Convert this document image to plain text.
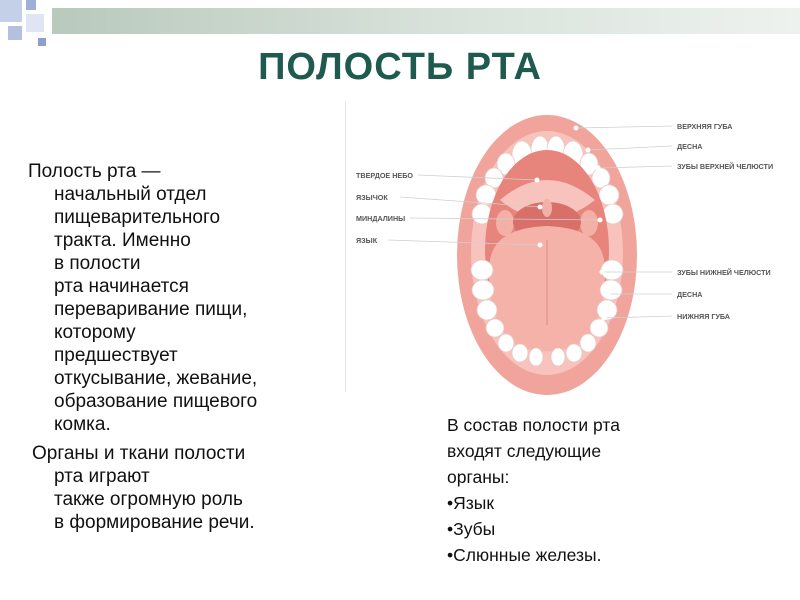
ПОЛОСТЬ РТА

Полость рта —
начальный отдел
пищеварительного
тракта. Именно
в полости
рта начинается
переваривание пищи,
которому
предшествует
откусывание, жевание,
образование пищевого
комка.

Органы и ткани полости
рта играют
также огромную роль
в формирование речи.

ТВЕРДОЕ НЕБО
ЯЗЫЧОК
МИНДАЛИНЫ
ЯЗЫК
ВЕРХНЯЯ ГУБА
ДЕСНА
ЗУБЫ ВЕРХНЕЙ ЧЕЛЮСТИ
ЗУБЫ НИЖНЕЙ ЧЕЛЮСТИ
ДЕСНА
НИЖНЯЯ ГУБА

В состав полости рта
входят следующие
органы:

• Язык
• Зубы
• Слюнные железы.
